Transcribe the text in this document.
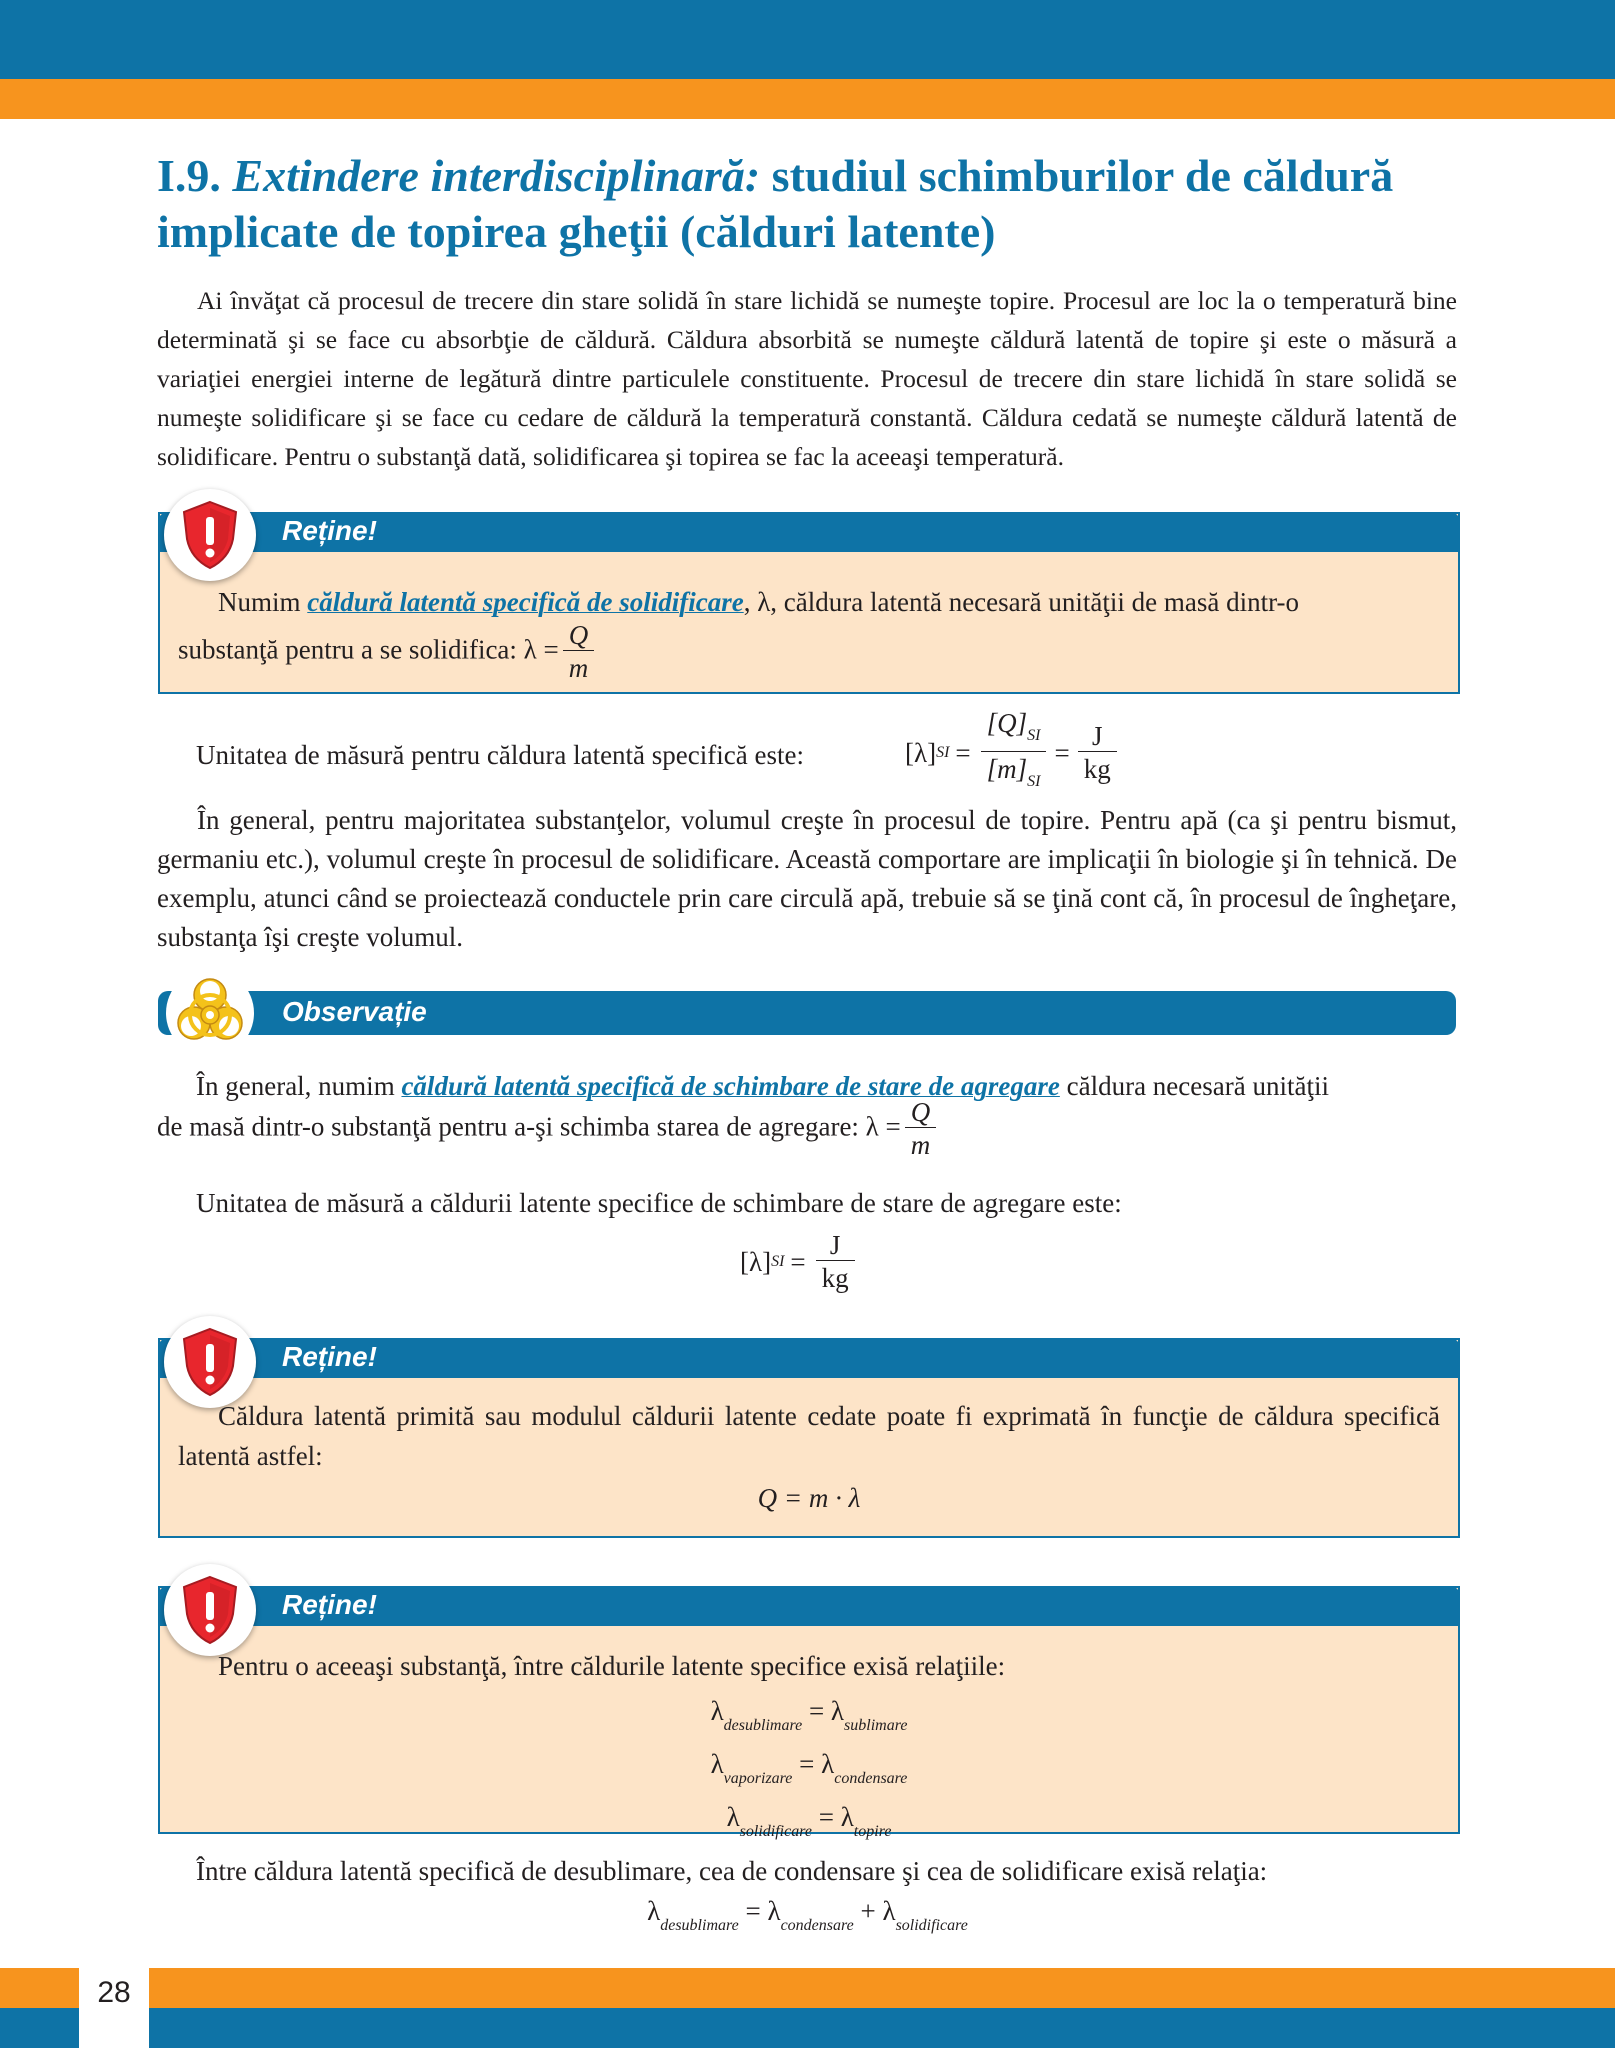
I.9. Extindere interdisciplinară: studiul schimburilor de căldură implicate de topirea gheţii (călduri latente)

Ai învăţat că procesul de trecere din stare solidă în stare lichidă se numeşte topire. Procesul are loc la o temperatură bine determinată şi se face cu absorbţie de căldură. Căldura absorbită se numeşte căldură latentă de topire şi este o măsură a variaţiei energiei interne de legătură dintre particulele constituente. Procesul de trecere din stare lichidă în stare solidă se numeşte solidificare şi se face cu cedare de căldură la temperatură constantă. Căldura cedată se numeşte căldură latentă de solidificare. Pentru o substanţă dată, solidificarea şi topirea se fac la aceeaşi temperatură.

Reține!
Numim căldură latentă specifică de solidificare, λ, căldura latentă necesară unităţii de masă dintr-o
substanţă pentru a se solidifica: $\lambda = \frac{Q}{m}$
Unitatea de măsură pentru căldura latentă specifică este:	[λ] SI = $\frac{[Q]_{SI}}{[m]_{SI}} = \frac{J}{kg}$

În general, pentru majoritatea substanţelor, volumul creşte în procesul de topire. Pentru apă (ca şi pentru bismut, germaniu etc.), volumul creşte în procesul de solidificare. Această comportare are implicaţii în biologie şi în tehnică. De exemplu, atunci când se proiectează conductele prin care circulă apă, trebuie să se ţină cont că, în procesul de îngheţare, substanţa îşi creşte volumul.

Observație
În general, numim căldură latentă specifică de schimbare de stare de agregare căldura necesară unităţii
de masă dintr-o substanţă pentru a-şi schimba starea de agregare: $\lambda = \frac{Q}{m}$
Unitatea de măsură a căldurii latente specifice de schimbare de stare de agregare este:
[λ] SI = $\frac{J}{kg}$
Reține!
Căldura latentă primită sau modulul căldurii latente cedate poate fi exprimată în funcţie de căldura specifică latentă astfel:
Q = m · λ
Reține!
Pentru o aceeaşi substanţă, între căldurile latente specifice exisă relaţiile:
$\lambda_{desublimare} = \lambda_{sublimare}$
$\lambda_{vaporizare} = \lambda_{condensare}$
$\lambda_{solidificare} = \lambda_{topire}$
Între căldura latentă specifică de desublimare, cea de condensare şi cea de solidificare exisă relaţia:
$\lambda_{desublimare} = \lambda_{condensare} + \lambda_{solidificare}$
28
